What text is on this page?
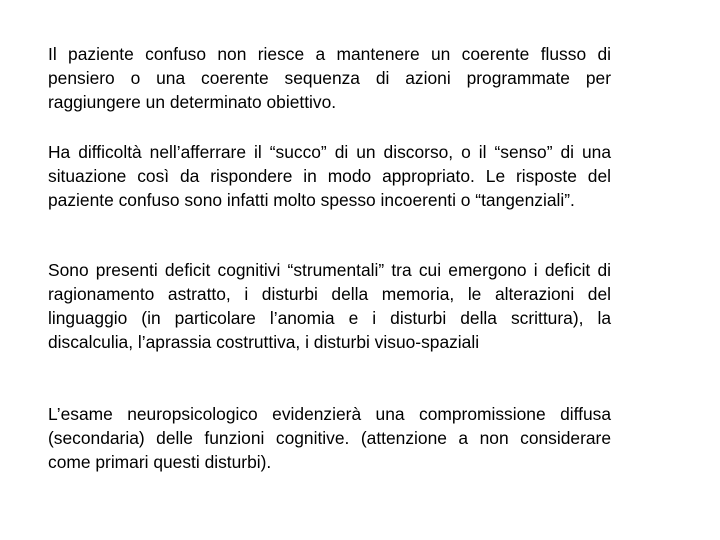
Il paziente confuso non riesce a mantenere un coerente flusso di pensiero o una coerente sequenza di azioni programmate per raggiungere un determinato obiettivo.

Ha difficoltà nell’afferrare il “succo” di un discorso, o il “senso” di una situazione così da rispondere in modo appropriato. Le risposte del paziente confuso sono infatti molto spesso incoerenti o “tangenziali”.

Sono presenti deficit cognitivi “strumentali” tra cui emergono i deficit di ragionamento astratto, i disturbi della memoria, le alterazioni del linguaggio (in particolare l’anomia e i disturbi della scrittura), la discalculia, l’aprassia costruttiva, i disturbi visuo-spaziali

L’esame neuropsicologico evidenzierà una compromissione diffusa (secondaria) delle funzioni cognitive. (attenzione a non considerare come primari questi disturbi).
